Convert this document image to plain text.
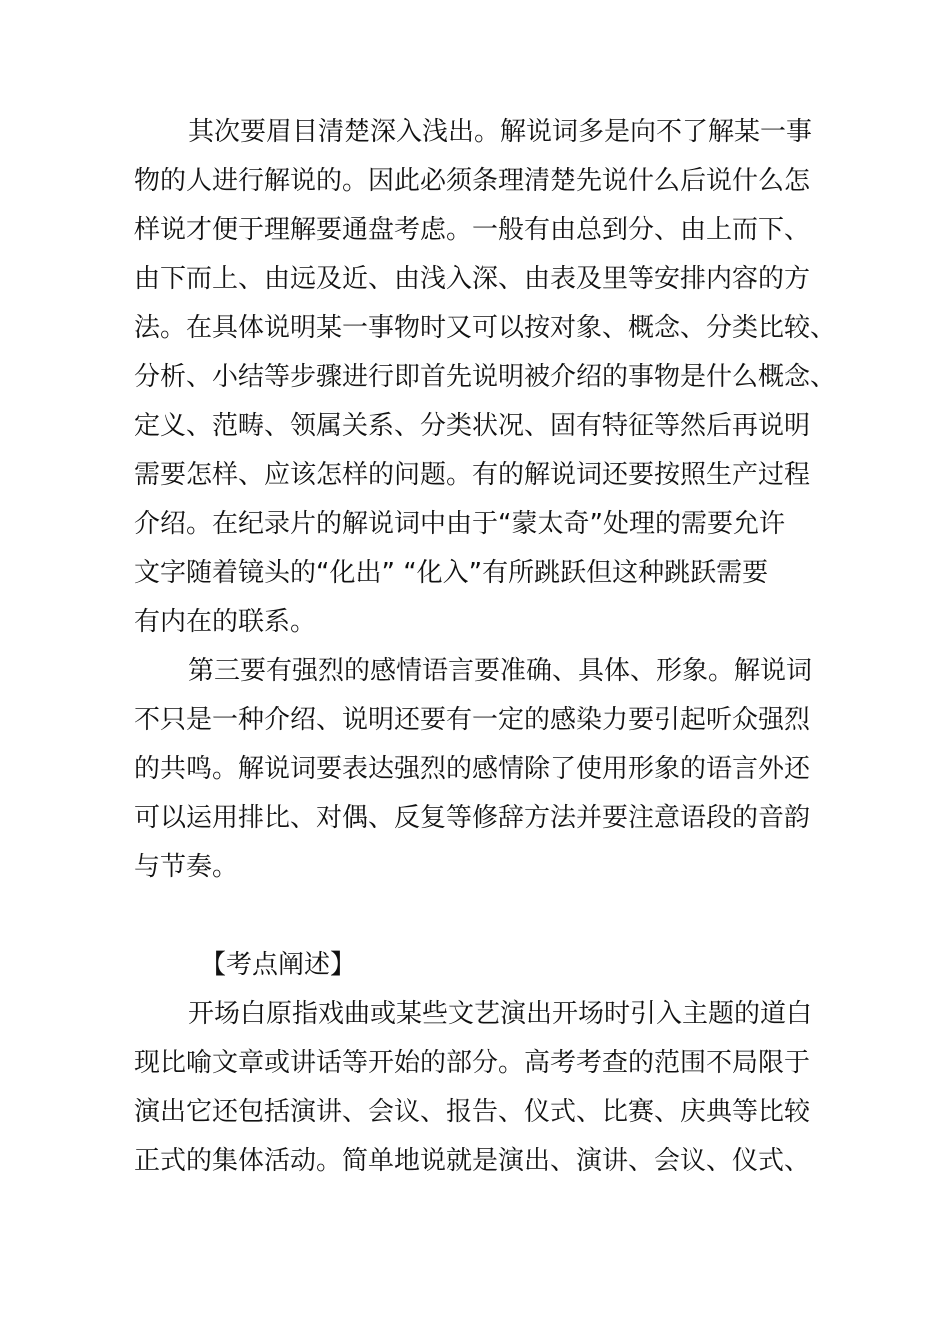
其次要眉目清楚深入浅出。解说词多是向不了解某一事
物的人进行解说的。因此必须条理清楚先说什么后说什么怎
样说才便于理解要通盘考虑。一般有由总到分、由上而下、
由下而上、由远及近、由浅入深、由表及里等安排内容的方
法。在具体说明某一事物时又可以按对象、概念、分类比较、
分析、小结等步骤进行即首先说明被介绍的事物是什么概念、
定义、范畴、领属关系、分类状况、固有特征等然后再说明
需要怎样、应该怎样的问题。有的解说词还要按照生产过程
介绍。在纪录片的解说词中由于“蒙太奇”处理的需要允许
文字随着镜头的“化出” “化入”有所跳跃但这种跳跃需要
有内在的联系。
第三要有强烈的感情语言要准确、具体、形象。解说词
不只是一种介绍、说明还要有一定的感染力要引起听众强烈
的共鸣。解说词要表达强烈的感情除了使用形象的语言外还
可以运用排比、对偶、反复等修辞方法并要注意语段的音韵
与节奏。
【考点阐述】
开场白原指戏曲或某些文艺演出开场时引入主题的道白
现比喻文章或讲话等开始的部分。高考考查的范围不局限于
演出它还包括演讲、会议、报告、仪式、比赛、庆典等比较
正式的集体活动。简单地说就是演出、演讲、会议、仪式、
